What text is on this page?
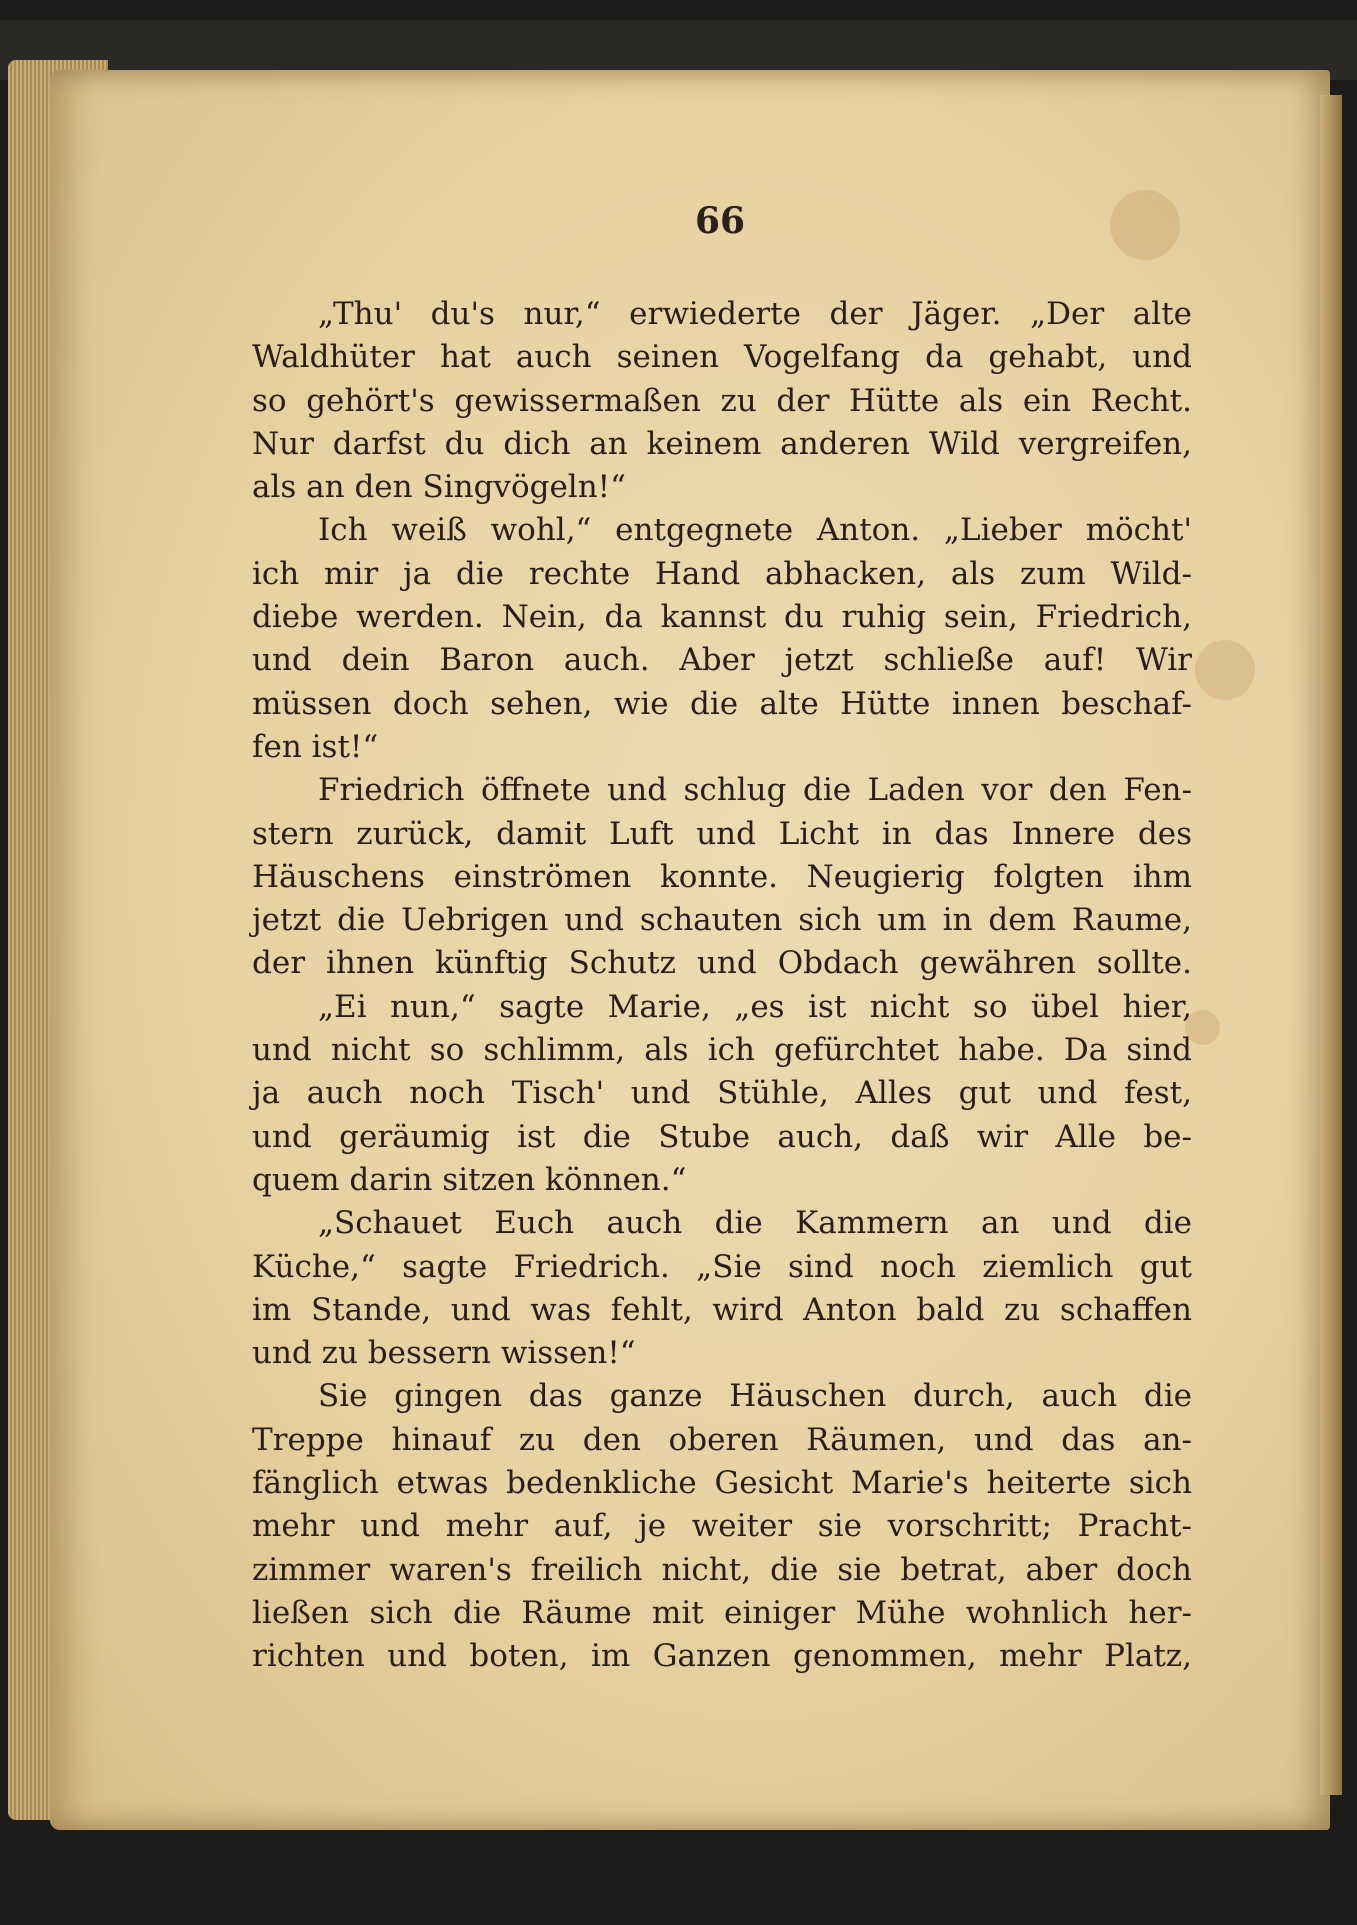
66
„Thu' du's nur,“ erwiederte der Jäger. „Der alte
Waldhüter hat auch seinen Vogelfang da gehabt, und
so gehört's gewissermaßen zu der Hütte als ein Recht.
Nur darfst du dich an keinem anderen Wild vergreifen,
als an den Singvögeln!“
Ich weiß wohl,“ entgegnete Anton. „Lieber möcht'
ich mir ja die rechte Hand abhacken, als zum Wild-
diebe werden. Nein, da kannst du ruhig sein, Friedrich,
und dein Baron auch. Aber jetzt schließe auf! Wir
müssen doch sehen, wie die alte Hütte innen beschaf-
fen ist!“
Friedrich öffnete und schlug die Laden vor den Fen-
stern zurück, damit Luft und Licht in das Innere des
Häuschens einströmen konnte. Neugierig folgten ihm
jetzt die Uebrigen und schauten sich um in dem Raume,
der ihnen künftig Schutz und Obdach gewähren sollte.
„Ei nun,“ sagte Marie, „es ist nicht so übel hier,
und nicht so schlimm, als ich gefürchtet habe. Da sind
ja auch noch Tisch' und Stühle, Alles gut und fest,
und geräumig ist die Stube auch, daß wir Alle be-
quem darin sitzen können.“
„Schauet Euch auch die Kammern an und die
Küche,“ sagte Friedrich. „Sie sind noch ziemlich gut
im Stande, und was fehlt, wird Anton bald zu schaffen
und zu bessern wissen!“
Sie gingen das ganze Häuschen durch, auch die
Treppe hinauf zu den oberen Räumen, und das an-
fänglich etwas bedenkliche Gesicht Marie's heiterte sich
mehr und mehr auf, je weiter sie vorschritt; Pracht-
zimmer waren's freilich nicht, die sie betrat, aber doch
ließen sich die Räume mit einiger Mühe wohnlich her-
richten und boten, im Ganzen genommen, mehr Platz,
